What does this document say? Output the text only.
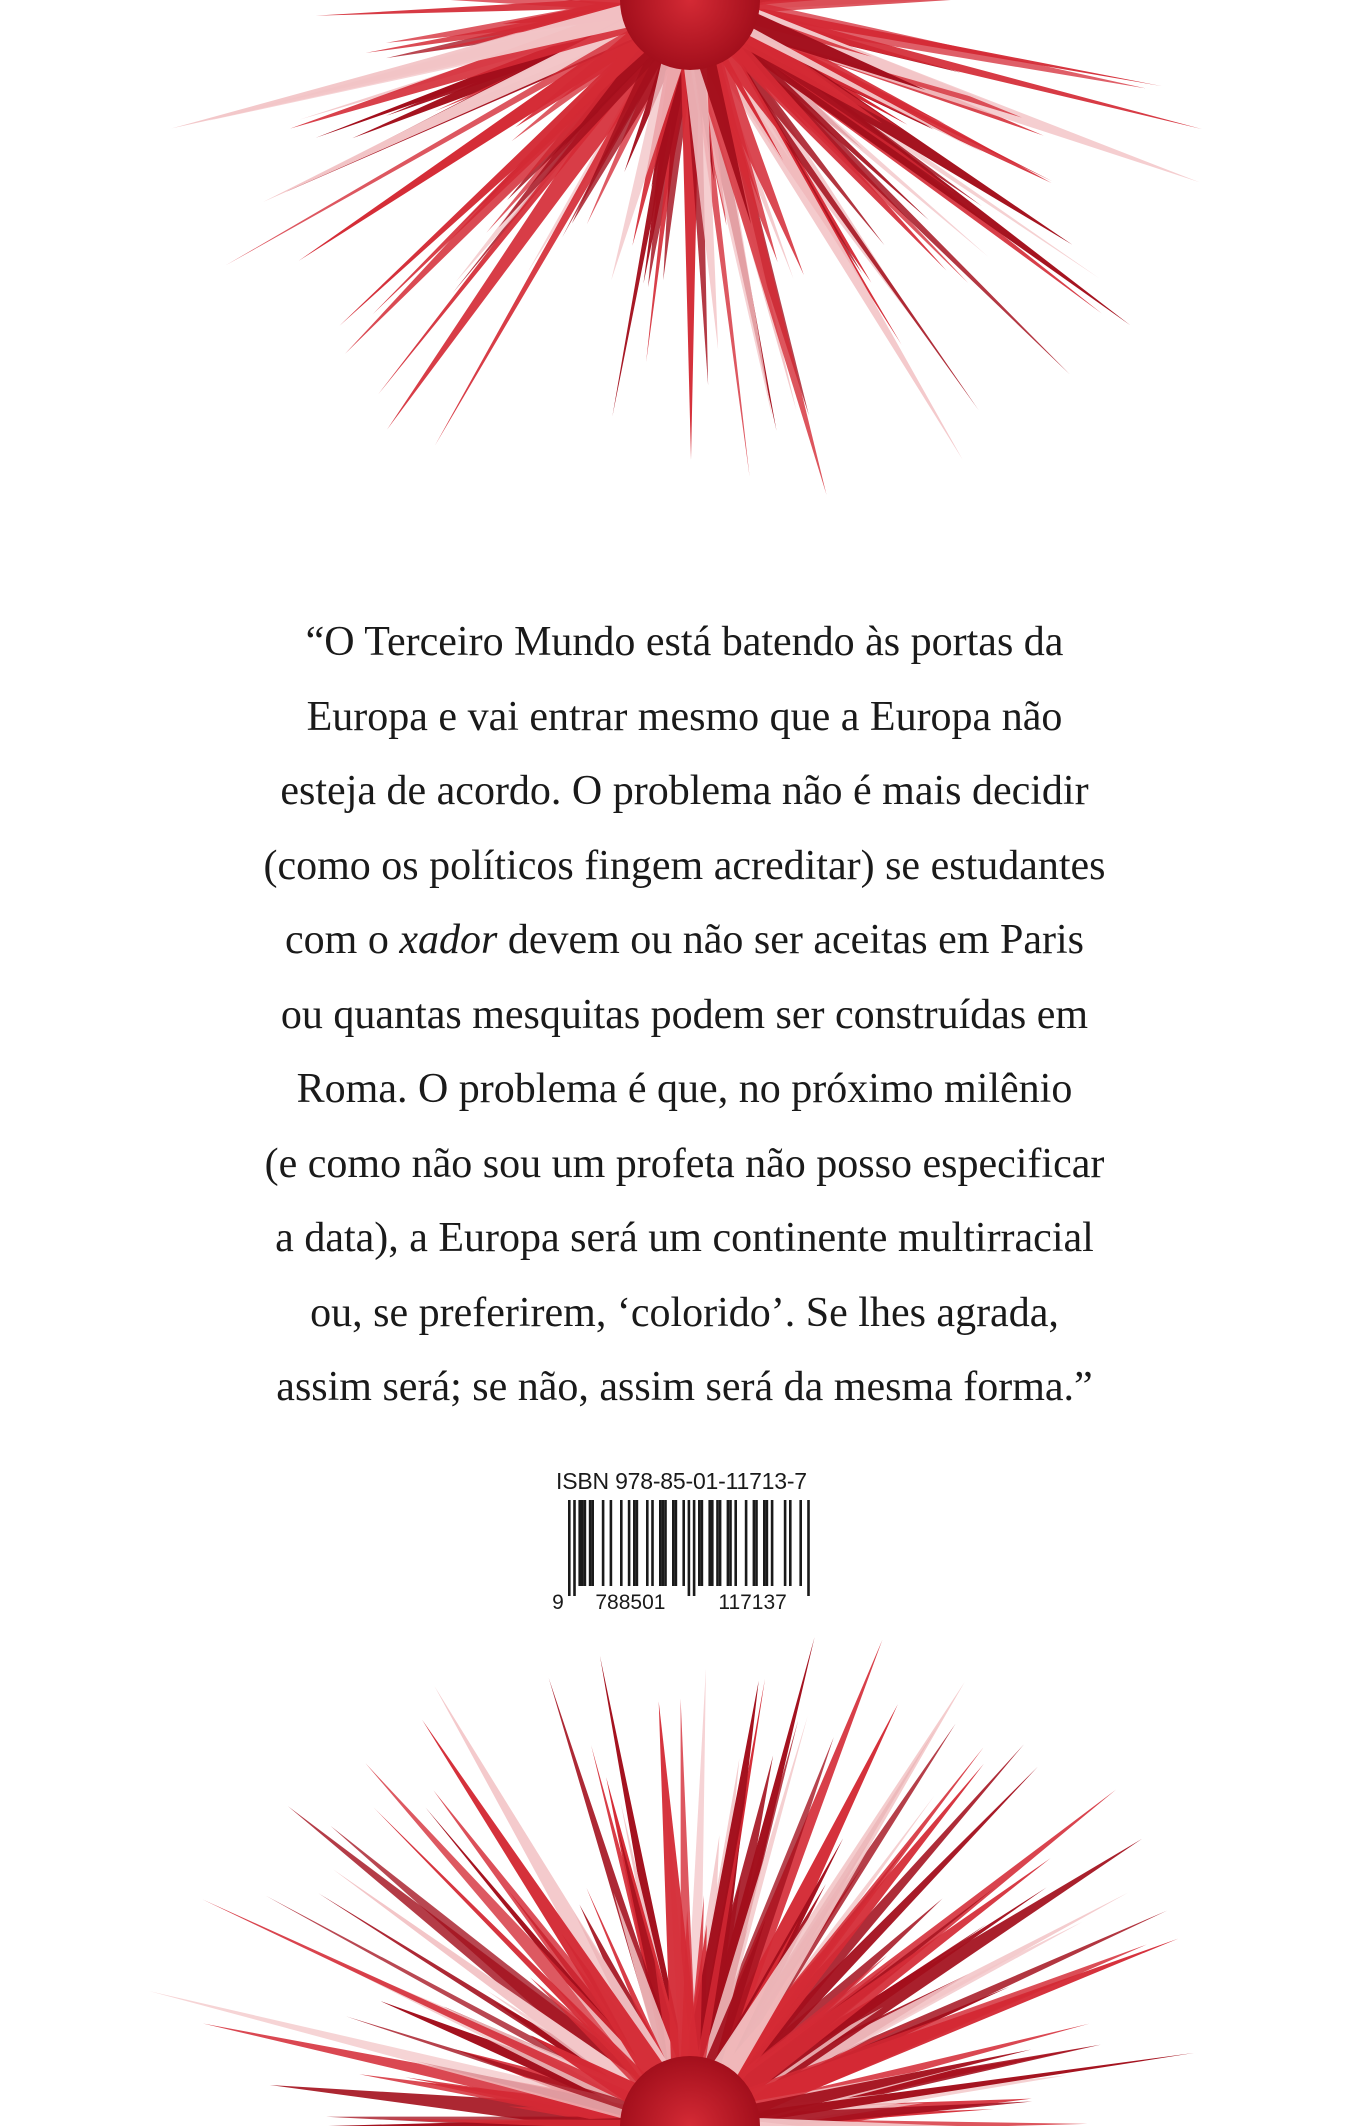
“O Terceiro Mundo está batendo às portas da
Europa e vai entrar mesmo que a Europa não
esteja de acordo. O problema não é mais decidir
(como os políticos fingem acreditar) se estudantes
com o xador devem ou não ser aceitas em Paris
ou quantas mesquitas podem ser construídas em
Roma. O problema é que, no próximo milênio
(e como não sou um profeta não posso especificar
a data), a Europa será um continente multirracial
ou, se preferirem, ‘colorido’. Se lhes agrada,
assim será; se não, assim será da mesma forma.”
ISBN 978-85-01-11713-7
9 788501	117137
